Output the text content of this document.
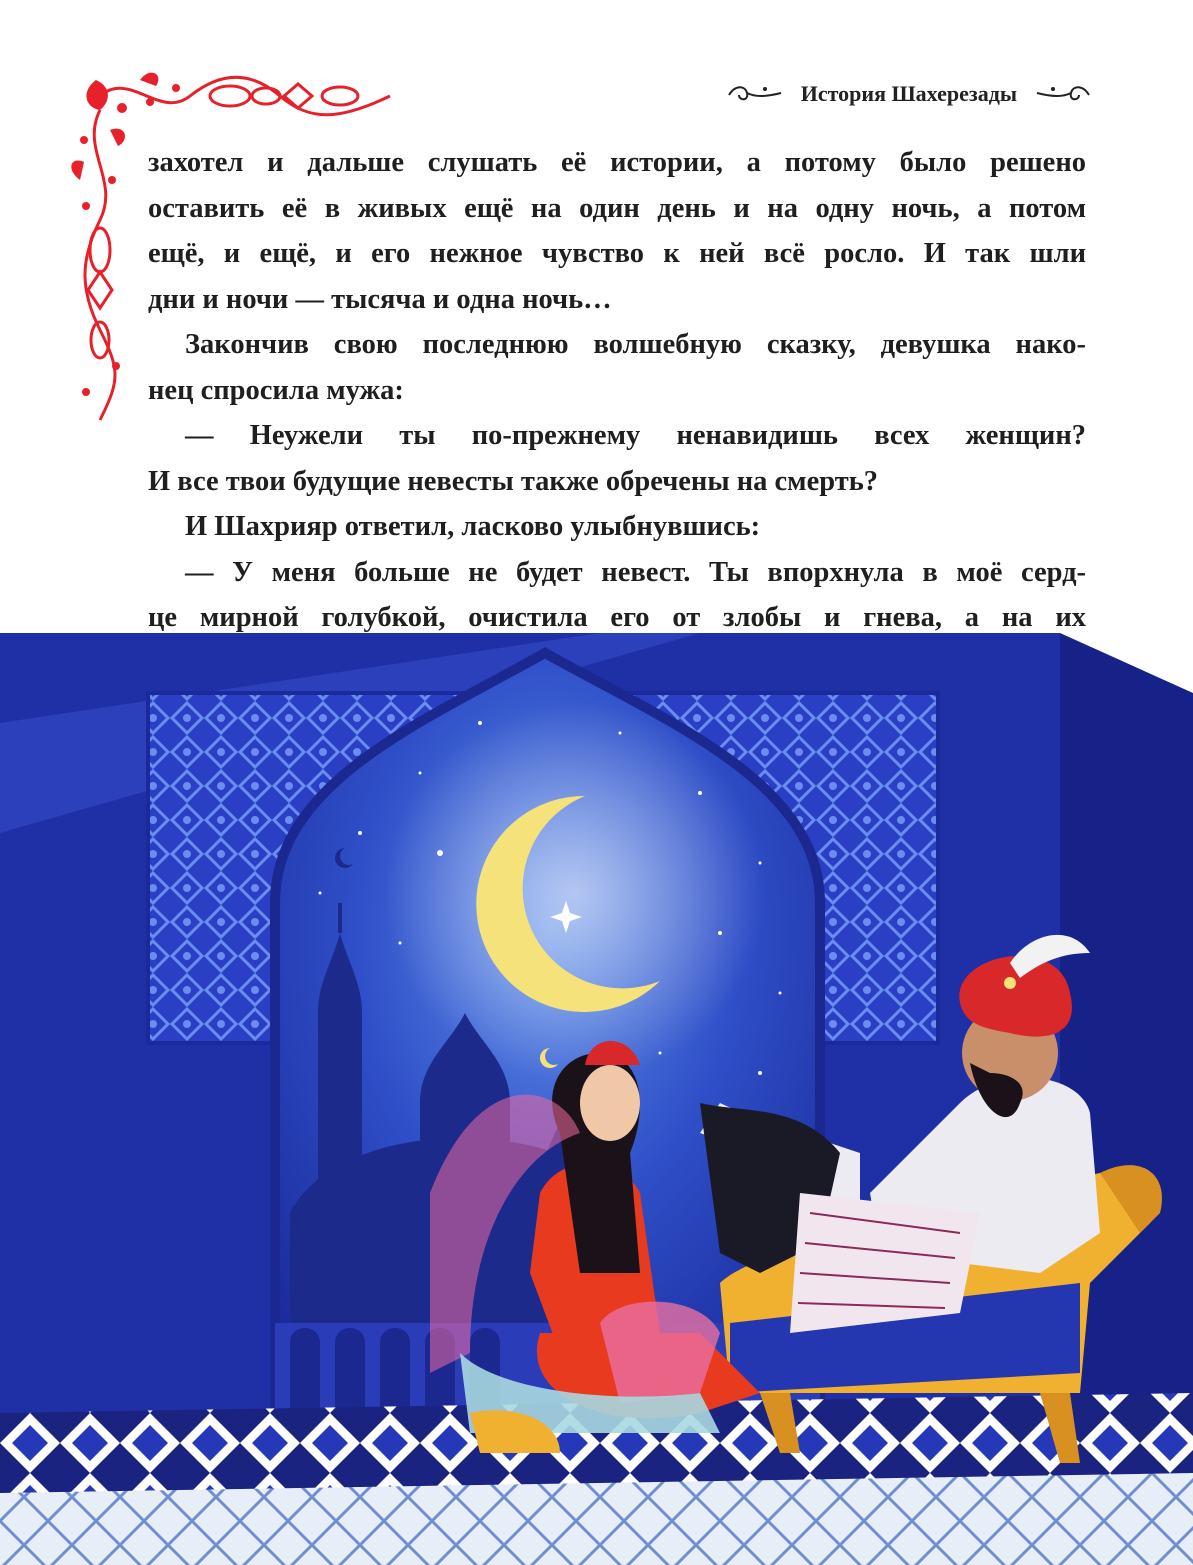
История Шахерезады
захотел и дальше слушать её истории, а потому было решено
оставить её в живых ещё на один день и на одну ночь, а потом
ещё, и ещё, и его нежное чувство к ней всё росло. И так шли
дни и ночи — тысяча и одна ночь…
Закончив свою последнюю волшебную сказку, девушка нако-
нец спросила мужа:
— Неужели ты по-прежнему ненавидишь всех женщин?
И все твои будущие невесты также обречены на смерть?
И Шахрияр ответил, ласково улыбнувшись:
— У меня больше не будет невест. Ты впорхнула в моё серд-
це мирной голубкой, очистила его от злобы и гнева, а на их
